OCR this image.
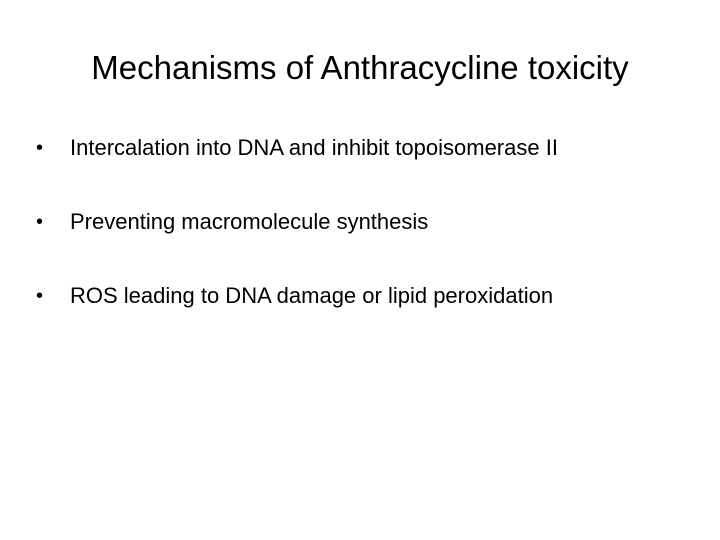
Mechanisms of Anthracycline toxicity
•	Intercalation into DNA and inhibit topoisomerase II
•	Preventing macromolecule synthesis
•	ROS leading to DNA damage or lipid peroxidation
